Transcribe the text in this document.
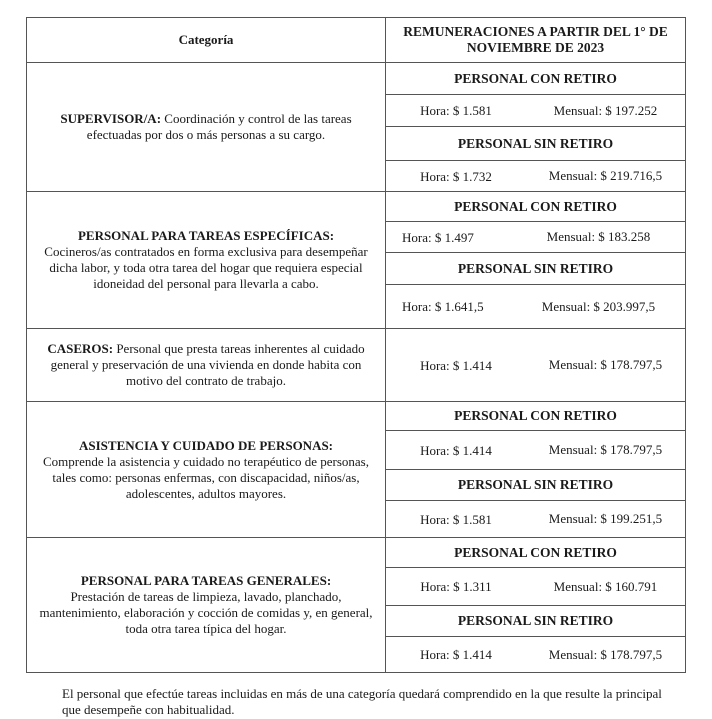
Categoría
REMUNERACIONES A PARTIR DEL 1° DE NOVIEMBRE DE 2023
SUPERVISOR/A: Coordinación y control de las tareas efectuadas por dos o más personas a su cargo.
PERSONAL CON RETIRO
Hora: $ 1.581	Mensual: $ 197.252
PERSONAL SIN RETIRO
Hora: $ 1.732	Mensual: $ 219.716,5
PERSONAL PARA TAREAS ESPECÍFICAS:
Cocineros/as contratados en forma exclusiva para desempeñar dicha labor, y toda otra tarea del hogar que requiera especial idoneidad del personal para llevarla a cabo.
PERSONAL CON RETIRO
Hora: $ 1.497	Mensual: $ 183.258
PERSONAL SIN RETIRO
Hora: $ 1.641,5	Mensual: $ 203.997,5
CASEROS: Personal que presta tareas inherentes al cuidado general y preservación de una vivienda en donde habita con motivo del contrato de trabajo.
Hora: $ 1.414	Mensual: $ 178.797,5
ASISTENCIA Y CUIDADO DE PERSONAS:
Comprende la asistencia y cuidado no terapéutico de personas, tales como: personas enfermas, con discapacidad, niños/as, adolescentes, adultos mayores.
PERSONAL CON RETIRO
Hora: $ 1.414	Mensual: $ 178.797,5
PERSONAL SIN RETIRO
Hora: $ 1.581	Mensual: $ 199.251,5
PERSONAL PARA TAREAS GENERALES:
Prestación de tareas de limpieza, lavado, planchado, mantenimiento, elaboración y cocción de comidas y, en general, toda otra tarea típica del hogar.
PERSONAL CON RETIRO
Hora: $ 1.311	Mensual: $ 160.791
PERSONAL SIN RETIRO
Hora: $ 1.414	Mensual: $ 178.797,5
El personal que efectúe tareas incluidas en más de una categoría quedará comprendido en la que resulte la principal que desempeñe con habitualidad.
